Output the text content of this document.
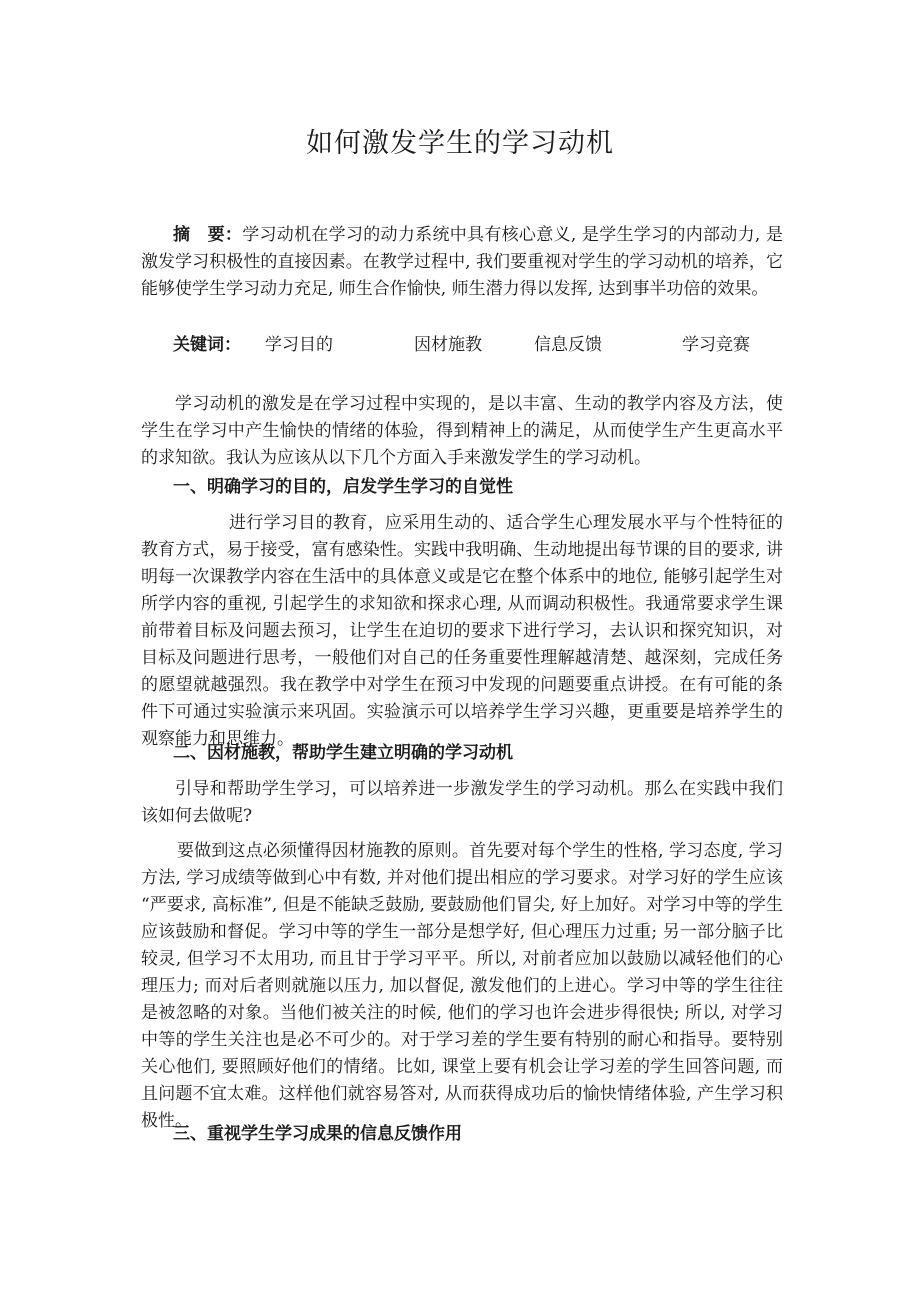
如何激发学生的学习动机
摘　要：学习动机在学习的动力系统中具有核心意义, 是学生学习的内部动力, 是激发学习积极性的直接因素。在教学过程中, 我们要重视对学生的学习动机的培养，它能够使学生学习动力充足, 师生合作愉快, 师生潜力得以发挥, 达到事半功倍的效果。
关键词： 学习目的	因材施教	信息反馈	学习竞赛
学习动机的激发是在学习过程中实现的，是以丰富、生动的教学内容及方法，使学生在学习中产生愉快的情绪的体验，得到精神上的满足，从而使学生产生更高水平的求知欲。我认为应该从以下几个方面入手来激发学生的学习动机。
一、明确学习的目的，启发学生学习的自觉性
进行学习目的教育，应采用生动的、适合学生心理发展水平与个性特征的教育方式，易于接受，富有感染性。实践中我明确、生动地提出每节课的目的要求, 讲明每一次课教学内容在生活中的具体意义或是它在整个体系中的地位, 能够引起学生对所学内容的重视, 引起学生的求知欲和探求心理, 从而调动积极性。我通常要求学生课前带着目标及问题去预习，让学生在迫切的要求下进行学习，去认识和探究知识，对目标及问题进行思考，一般他们对自己的任务重要性理解越清楚、越深刻，完成任务的愿望就越强烈。我在教学中对学生在预习中发现的问题要重点讲授。在有可能的条件下可通过实验演示来巩固。实验演示可以培养学生学习兴趣，更重要是培养学生的观察能力和思维力。
二、因材施教，帮助学生建立明确的学习动机
引导和帮助学生学习，可以培养进一步激发学生的学习动机。那么在实践中我们该如何去做呢?
要做到这点必须懂得因材施教的原则。首先要对每个学生的性格, 学习态度, 学习方法, 学习成绩等做到心中有数, 并对他们提出相应的学习要求。对学习好的学生应该 “严要求, 高标准”, 但是不能缺乏鼓励, 要鼓励他们冒尖, 好上加好。对学习中等的学生应该鼓励和督促。学习中等的学生一部分是想学好, 但心理压力过重; 另一部分脑子比较灵, 但学习不太用功, 而且甘于学习平平。所以, 对前者应加以鼓励以减轻他们的心理压力; 而对后者则就施以压力, 加以督促, 激发他们的上进心。学习中等的学生往往是被忽略的对象。当他们被关注的时候, 他们的学习也许会进步得很快; 所以, 对学习中等的学生关注也是必不可少的。对于学习差的学生要有特别的耐心和指导。要特别关心他们, 要照顾好他们的情绪。比如, 课堂上要有机会让学习差的学生回答问题, 而且问题不宜太难。这样他们就容易答对, 从而获得成功后的愉快情绪体验, 产生学习积极性。
三、重视学生学习成果的信息反馈作用
